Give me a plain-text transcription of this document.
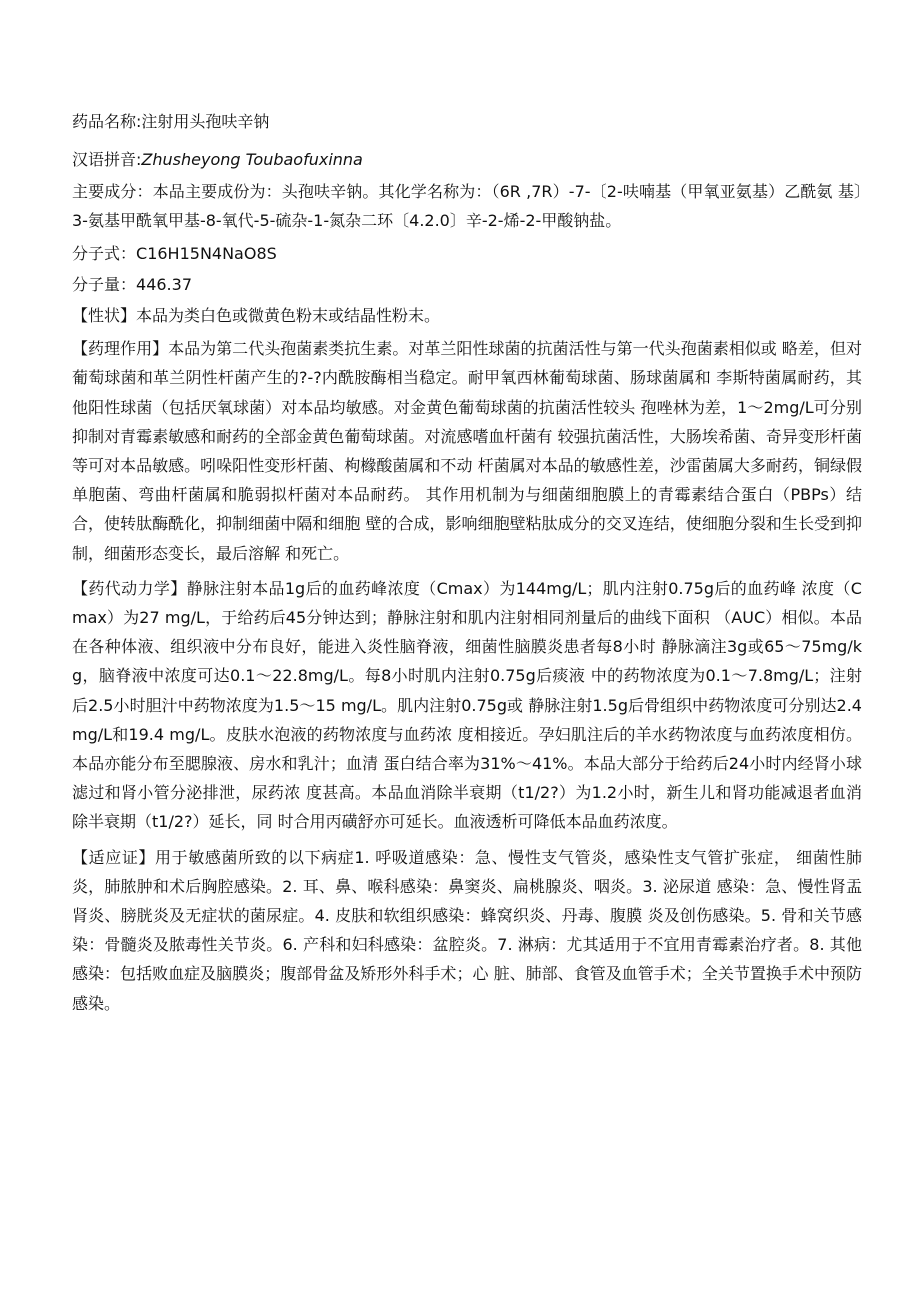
药品名称:注射用头孢呋辛钠
汉语拼音:Zhusheyong Toubaofuxinna

主要成分：本品主要成份为：头孢呋辛钠。其化学名称为：（6R ,7R）-7-〔2-呋喃基（甲氧亚氨基）乙酰氨 基〕3-氨基甲酰氧甲基-8-氧代-5-硫杂-1-氮杂二环〔4.2.0〕辛-2-烯-2-甲酸钠盐。

分子式：C16H15N4NaO8S
分子量：446.37
【性状】本品为类白色或微黄色粉末或结晶性粉末。

【药理作用】本品为第二代头孢菌素类抗生素。对革兰阳性球菌的抗菌活性与第一代头孢菌素相似或 略差，但对葡萄球菌和革兰阴性杆菌产生的?-?内酰胺酶相当稳定。耐甲氧西林葡萄球菌、肠球菌属和 李斯特菌属耐药，其他阳性球菌（包括厌氧球菌）对本品均敏感。对金黄色葡萄球菌的抗菌活性较头 孢唑林为差，1～2mg/L可分别抑制对青霉素敏感和耐药的全部金黄色葡萄球菌。对流感嗜血杆菌有 较强抗菌活性，大肠埃希菌、奇异变形杆菌等可对本品敏感。吲哚阳性变形杆菌、枸橼酸菌属和不动 杆菌属对本品的敏感性差，沙雷菌属大多耐药，铜绿假单胞菌、弯曲杆菌属和脆弱拟杆菌对本品耐药。 其作用机制为与细菌细胞膜上的青霉素结合蛋白（PBPs）结合，使转肽酶酰化，抑制细菌中隔和细胞 壁的合成，影响细胞壁粘肽成分的交叉连结，使细胞分裂和生长受到抑制，细菌形态变长，最后溶解 和死亡。

【药代动力学】静脉注射本品1g后的血药峰浓度（Cmax）为144mg/L；肌内注射0.75g后的血药峰 浓度（Cmax）为27 mg/L，于给药后45分钟达到；静脉注射和肌内注射相同剂量后的曲线下面积 （AUC）相似。本品在各种体液、组织液中分布良好，能进入炎性脑脊液，细菌性脑膜炎患者每8小时 静脉滴注3g或65～75mg/kg，脑脊液中浓度可达0.1～22.8mg/L。每8小时肌内注射0.75g后痰液 中的药物浓度为0.1～7.8mg/L；注射后2.5小时胆汁中药物浓度为1.5～15 mg/L。肌内注射0.75g或 静脉注射1.5g后骨组织中药物浓度可分别达2.4mg/L和19.4 mg/L。皮肤水泡液的药物浓度与血药浓 度相接近。孕妇肌注后的羊水药物浓度与血药浓度相仿。本品亦能分布至腮腺液、房水和乳汁；血清 蛋白结合率为31%～41%。本品大部分于给药后24小时内经肾小球滤过和肾小管分泌排泄，尿药浓 度甚高。本品血消除半衰期（t1/2?）为1.2小时，新生儿和肾功能减退者血消除半衰期（t1/2?）延长，同 时合用丙磺舒亦可延长。血液透析可降低本品血药浓度。

【适应证】用于敏感菌所致的以下病症1. 呼吸道感染：急、慢性支气管炎，感染性支气管扩张症， 细菌性肺炎，肺脓肿和术后胸腔感染。2. 耳、鼻、喉科感染：鼻窦炎、扁桃腺炎、咽炎。3. 泌尿道 感染：急、慢性肾盂肾炎、膀胱炎及无症状的菌尿症。4. 皮肤和软组织感染：蜂窝织炎、丹毒、腹膜 炎及创伤感染。5. 骨和关节感染：骨髓炎及脓毒性关节炎。6. 产科和妇科感染：盆腔炎。7. 淋病：尤其适用于不宜用青霉素治疗者。8. 其他感染：包括败血症及脑膜炎；腹部骨盆及矫形外科手术；心 脏、肺部、食管及血管手术；全关节置换手术中预防感染。
